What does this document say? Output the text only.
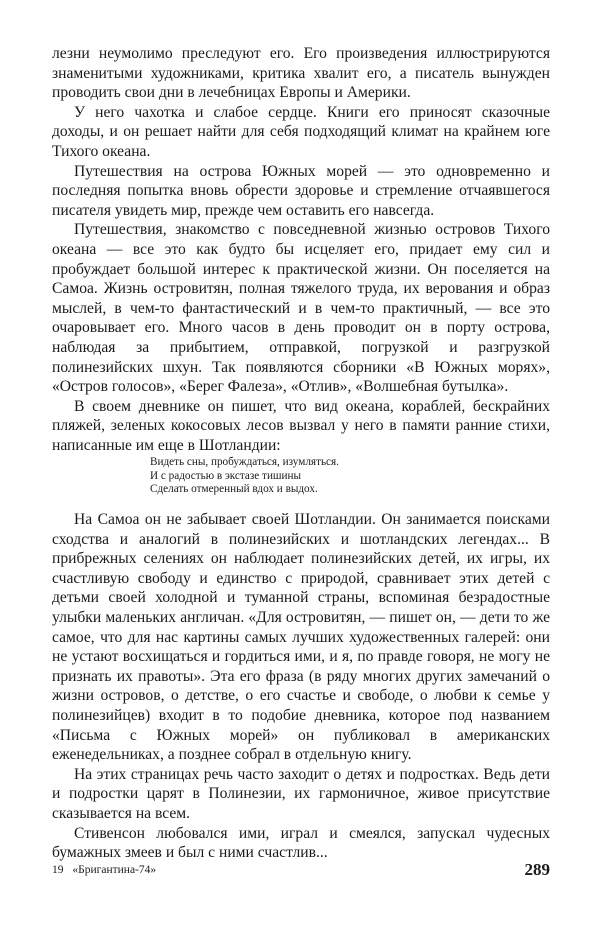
лезни неумолимо преследуют его. Его произведения иллюстрируются знаменитыми художниками, критика хвалит его, а писатель вынужден проводить свои дни в лечебницах Европы и Америки.

У него чахотка и слабое сердце. Книги его приносят сказочные доходы, и он решает найти для себя подходящий климат на крайнем юге Тихого океана.

Путешествия на острова Южных морей — это одновременно и последняя попытка вновь обрести здоровье и стремление отчаявшегося писателя увидеть мир, прежде чем оставить его навсегда.

Путешествия, знакомство с повседневной жизнью островов Тихого океана — все это как будто бы исцеляет его, придает ему сил и пробуждает большой интерес к практической жизни. Он поселяется на Самоа. Жизнь островитян, полная тяжелого труда, их верования и образ мыслей, в чем-то фантастический и в чем-то практичный, — все это очаровывает его. Много часов в день проводит он в порту острова, наблюдая за прибытием, отправкой, погрузкой и разгрузкой полинезийских шхун. Так появляются сборники «В Южных морях», «Остров голосов», «Берег Фалеза», «Отлив», «Волшебная бутылка».

В своем дневнике он пишет, что вид океана, кораблей, бескрайних пляжей, зеленых кокосовых лесов вызвал у него в памяти ранние стихи, написанные им еще в Шотландии:

Видеть сны, пробуждаться, изумляться.
И с радостью в экстазе тишины
Сделать отмеренный вдох и выдох.

На Самоа он не забывает своей Шотландии. Он занимается поисками сходства и аналогий в полинезийских и шотландских легендах... В прибрежных селениях он наблюдает полинезийских детей, их игры, их счастливую свободу и единство с природой, сравнивает этих детей с детьми своей холодной и туманной страны, вспоминая безрадостные улыбки маленьких англичан. «Для островитян, — пишет он, — дети то же самое, что для нас картины самых лучших художественных галерей: они не устают восхищаться и гордиться ими, и я, по правде говоря, не могу не признать их правоты». Эта его фраза (в ряду многих других замечаний о жизни островов, о детстве, о его счастье и свободе, о любви к семье у полинезийцев) входит в то подобие дневника, которое под названием «Письма с Южных морей» он публиковал в американских еженедельниках, а позднее собрал в отдельную книгу.

На этих страницах речь часто заходит о детях и подростках. Ведь дети и подростки царят в Полинезии, их гармоничное, живое присутствие сказывается на всем.

Стивенсон любовался ими, играл и смеялся, запускал чудесных бумажных змеев и был с ними счастлив...

19 «Бригантина-74»	289
